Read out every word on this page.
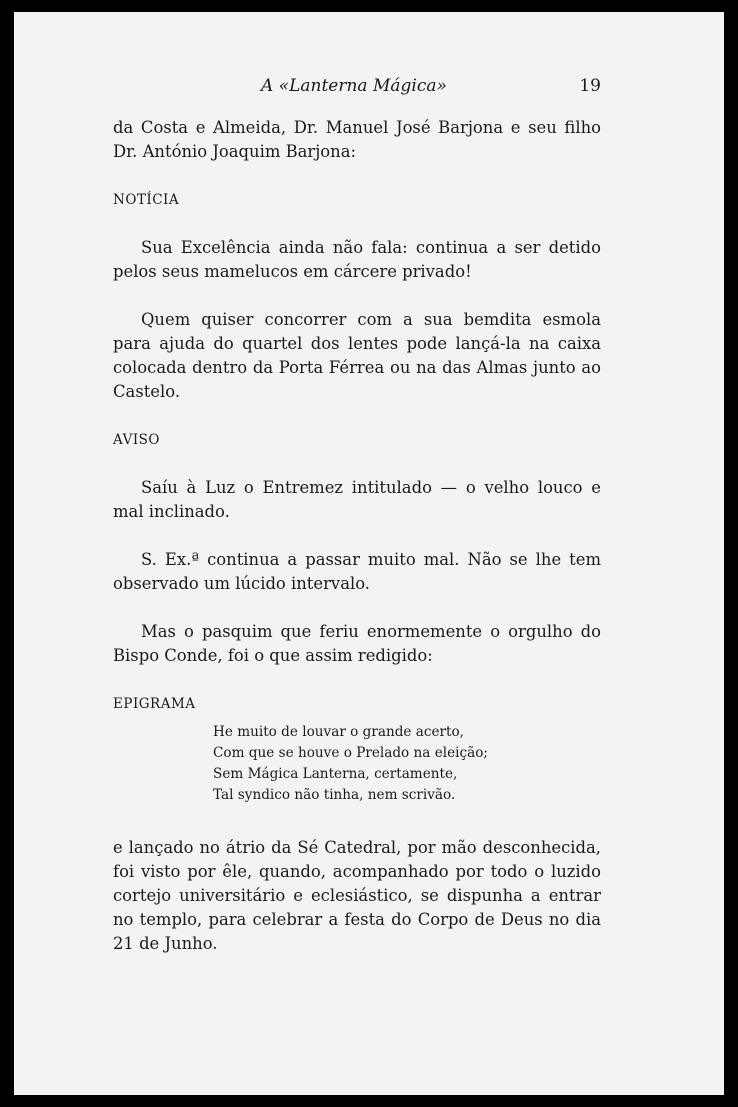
A «Lanterna Mágica»	19

da Costa e Almeida, Dr. Manuel José Barjona e seu filho Dr. António Joaquim Barjona:

NOTÍCIA

Sua Excelência ainda não fala: continua a ser detido pelos seus mamelucos em cárcere privado!

Quem quiser concorrer com a sua bemdita esmola para ajuda do quartel dos lentes pode lançá-la na caixa colocada dentro da Porta Férrea ou na das Almas junto ao Castelo.

AVISO

Saíu à Luz o Entremez intitulado — o velho louco e mal inclinado.

S. Ex.ª continua a passar muito mal. Não se lhe tem observado um lúcido intervalo.

Mas o pasquim que feriu enormemente o orgulho do Bispo Conde, foi o que assim redigido:

EPIGRAMA

He muito de louvar o grande acerto,
Com que se houve o Prelado na eleição;
Sem Mágica Lanterna, certamente,
Tal syndico não tinha, nem scrivão.

e lançado no átrio da Sé Catedral, por mão desconhecida, foi visto por êle, quando, acompanhado por todo o luzido cortejo universitário e eclesiástico, se dispunha a entrar no templo, para celebrar a festa do Corpo de Deus no dia 21 de Junho.
